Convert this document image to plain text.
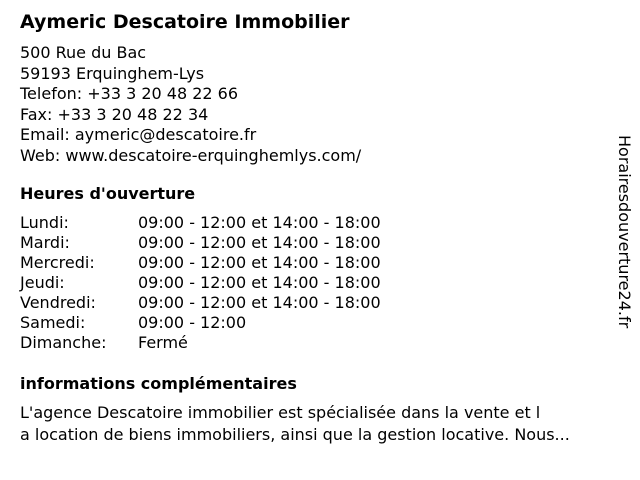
Aymeric Descatoire Immobilier
500 Rue du Bac
59193 Erquinghem-Lys
Telefon: +33 3 20 48 22 66
Fax: +33 3 20 48 22 34
Email: aymeric@descatoire.fr
Web: www.descatoire-erquinghemlys.com/
Heures d'ouverture
Lundi:	09:00 - 12:00 et 14:00 - 18:00
Mardi:	09:00 - 12:00 et 14:00 - 18:00
Mercredi:	09:00 - 12:00 et 14:00 - 18:00
Jeudi:	09:00 - 12:00 et 14:00 - 18:00
Vendredi:	09:00 - 12:00 et 14:00 - 18:00
Samedi:	09:00 - 12:00
Dimanche:	Fermé
informations complémentaires
L'agence Descatoire immobilier est spécialisée dans la vente et l
a location de biens immobiliers, ainsi que la gestion locative. Nous...
Horairesdouverture24.fr
